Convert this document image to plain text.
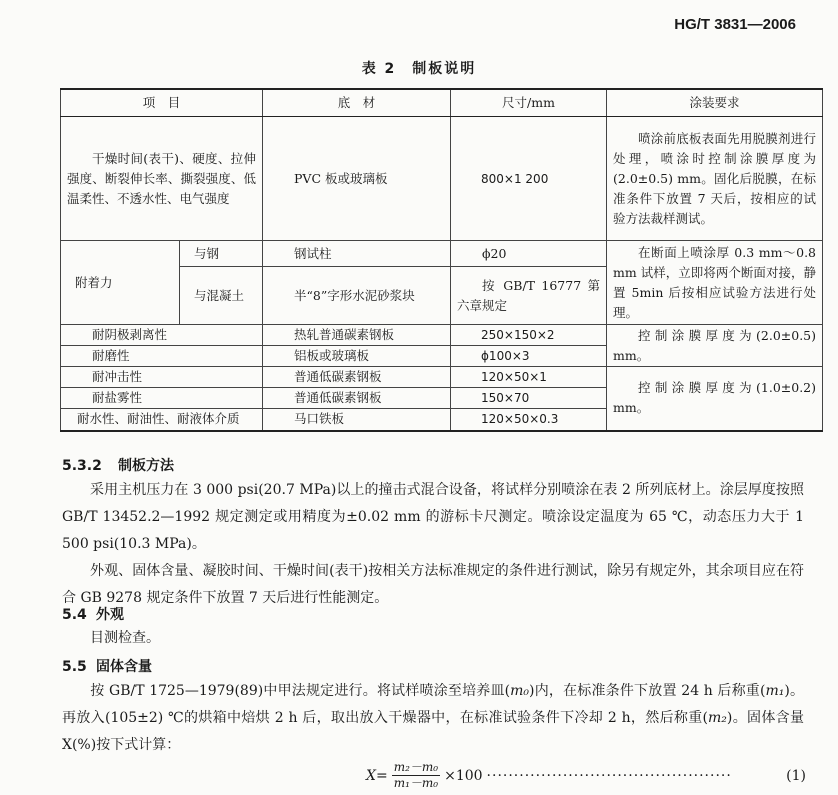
HG/T 3831—2006
表 2　制板说明
项　目		底　材	尺寸/mm	涂装要求
干燥时间(表干)、硬度、拉伸强度、断裂伸长率、撕裂强度、低温柔性、不透水性、电气强度		PVC 板或玻璃板	800×1 200	喷涂前底板表面先用脱膜剂进行处理，喷涂时控制涂膜厚度为(2.0±0.5) mm。固化后脱膜，在标准条件下放置 7 天后，按相应的试验方法裁样测试。
附着力	与钢	钢试柱	ϕ20	在断面上喷涂厚 0.3 mm～0.8 mm 试样，立即将两个断面对接，静置 5min 后按相应试验方法进行处理。
	与混凝土	半“8”字形水泥砂浆块	按 GB/T 16777 第六章规定	
耐阴极剥离性		热轧普通碳素钢板	250×150×2	控制涂膜厚度为(2.0±0.5) mm。
耐磨性		铝板或玻璃板	ϕ100×3	
耐冲击性		普通低碳素钢板	120×50×1	控制涂膜厚度为(1.0±0.2) mm。
耐盐雾性		普通低碳素钢板	150×70	
耐水性、耐油性、耐液体介质		马口铁板	120×50×0.3	
5.3.2 制板方法
采用主机压力在 3 000 psi(20.7 MPa)以上的撞击式混合设备，将试样分别喷涂在表 2 所列底材上。涂层厚度按照 GB/T 13452.2—1992 规定测定或用精度为±0.02 mm 的游标卡尺测定。喷涂设定温度为 65 ℃，动态压力大于 1 500 psi(10.3 MPa)。
外观、固体含量、凝胶时间、干燥时间(表干)按相关方法标准规定的条件进行测试，除另有规定外，其余项目应在符合 GB 9278 规定条件下放置 7 天后进行性能测定。
5.4 外观
目测检查。
5.5 固体含量
按 GB/T 1725—1979(89)中甲法规定进行。将试样喷涂至培养皿(m₀)内，在标准条件下放置 24 h 后称重(m₁)。再放入(105±2) ℃的烘箱中焙烘 2 h 后，取出放入干燥器中，在标准试验条件下冷却 2 h，然后称重(m₂)。固体含量 X(%)按下式计算：
$X = \frac{\text{m₂－m₀}}{\text{m₁－m₀}} \times 100$ ·············································	(1)
